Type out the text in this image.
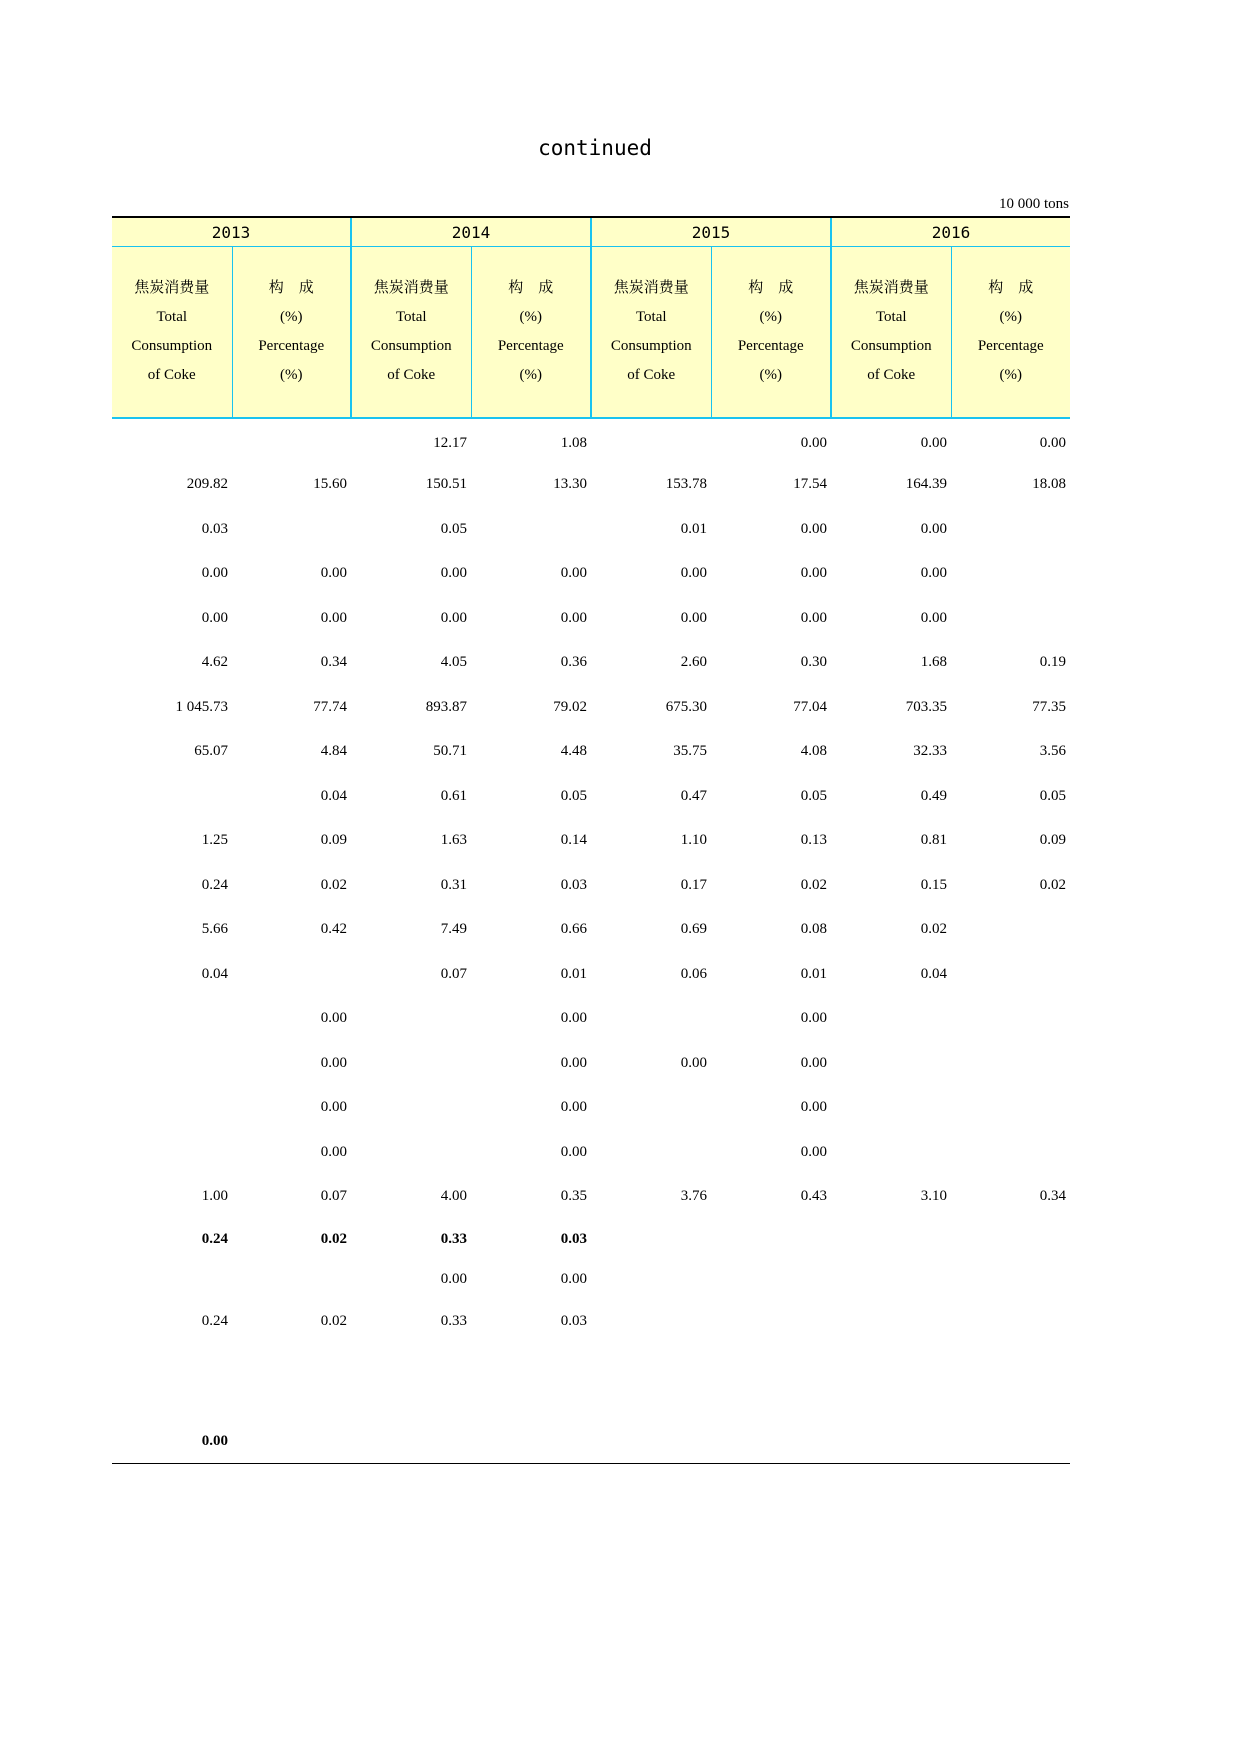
continued
10 000 tons
2013		2014		2015		2016	

焦炭消费量
Total
Consumption
of Coke	构　成
(%)
Percentage
(%)	焦炭消费量
Total
Consumption
of Coke	构　成
(%)
Percentage
(%)	焦炭消费量
Total
Consumption
of Coke	构　成
(%)
Percentage
(%)	焦炭消费量
Total
Consumption
of Coke	构　成
(%)
Percentage
(%)

		12.17	1.08		0.00	0.00	0.00
209.82	15.60	150.51	13.30	153.78	17.54	164.39	18.08
0.03		0.05		0.01	0.00	0.00	
0.00	0.00	0.00	0.00	0.00	0.00	0.00	
0.00	0.00	0.00	0.00	0.00	0.00	0.00	
4.62	0.34	4.05	0.36	2.60	0.30	1.68	0.19
1 045.73	77.74	893.87	79.02	675.30	77.04	703.35	77.35
65.07	4.84	50.71	4.48	35.75	4.08	32.33	3.56
	0.04	0.61	0.05	0.47	0.05	0.49	0.05
1.25	0.09	1.63	0.14	1.10	0.13	0.81	0.09
0.24	0.02	0.31	0.03	0.17	0.02	0.15	0.02
5.66	0.42	7.49	0.66	0.69	0.08	0.02	
0.04		0.07	0.01	0.06	0.01	0.04	
	0.00		0.00		0.00		
	0.00		0.00	0.00	0.00		
	0.00		0.00		0.00		
	0.00		0.00		0.00		
1.00	0.07	4.00	0.35	3.76	0.43	3.10	0.34
0.24	0.02	0.33	0.03				
		0.00	0.00				
0.24	0.02	0.33	0.03				

0.00							
